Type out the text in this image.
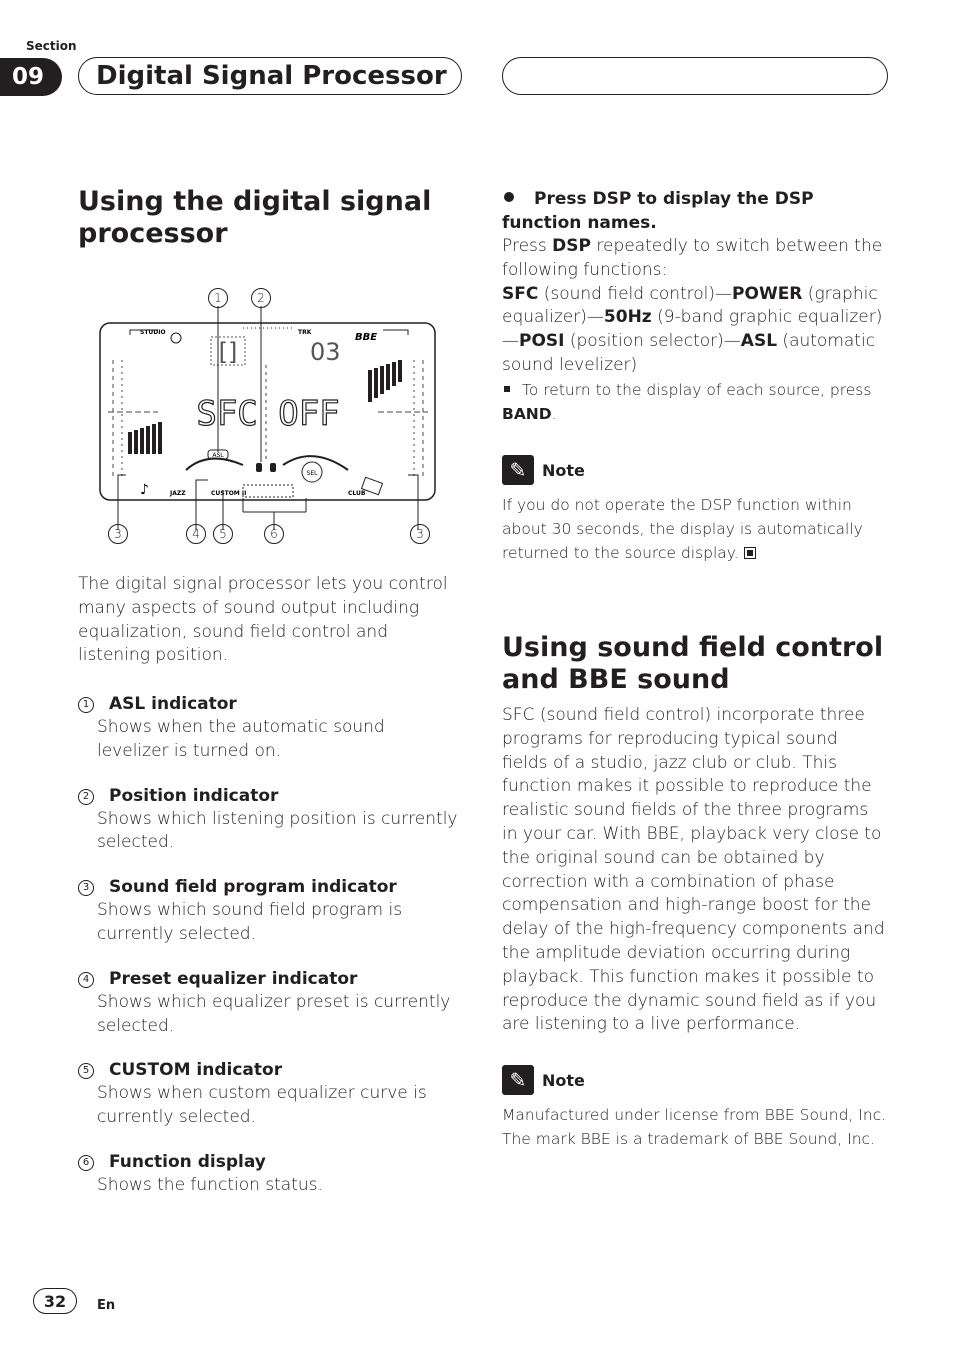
Section
09	Digital Signal Processor
Using the digital signal processor
STUDIO
[]	03
TRK	BBE
SFC OFF
ASL
SEL
♪	JAZZ	CUSTOM II	CLUB
1	2
3	4	5	6	3
The digital signal processor lets you control many aspects of sound output including equalization, sound field control and listening position.
1 ASL indicator
Shows when the automatic sound levelizer is turned on.
2 Position indicator
Shows which listening position is currently selected.
3 Sound field program indicator
Shows which sound field program is currently selected.
4 Preset equalizer indicator
Shows which equalizer preset is currently selected.
5 CUSTOM indicator
Shows when custom equalizer curve is currently selected.
6 Function display
Shows the function status.
Press DSP to display the DSP function names.
Press DSP repeatedly to switch between the following functions:
SFC (sound field control)—POWER (graphic equalizer)—50Hz (9-band graphic equalizer) —POSI (position selector)—ASL (automatic sound levelizer)
To return to the display of each source, press
BAND.
✎ Note
If you do not operate the DSP function within about 30 seconds, the display is automatically returned to the source display.
Using sound field control and BBE sound
SFC (sound field control) incorporate three programs for reproducing typical sound fields of a studio, jazz club or club. This function makes it possible to reproduce the realistic sound fields of the three programs in your car. With BBE, playback very close to the original sound can be obtained by correction with a combination of phase compensation and high-range boost for the delay of the high-frequency components and the amplitude deviation occurring during playback. This function makes it possible to reproduce the dynamic sound field as if you are listening to a live performance.
✎ Note
Manufactured under license from BBE Sound, Inc. The mark BBE is a trademark of BBE Sound, Inc.
32	En
